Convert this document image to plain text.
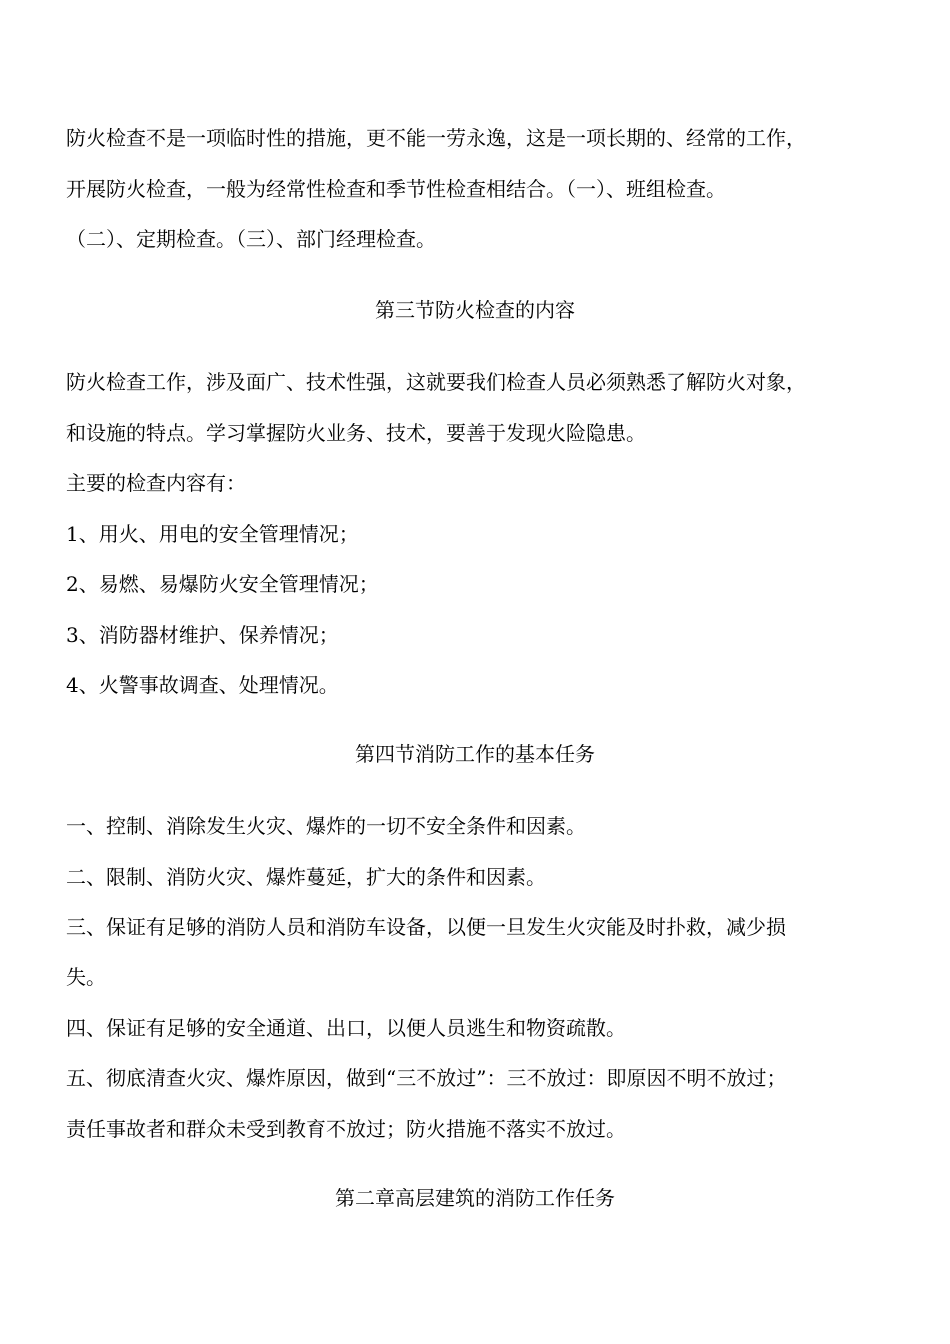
防火检查不是一项临时性的措施，更不能一劳永逸，这是一项长期的、经常的工作，
开展防火检查，一般为经常性检查和季节性检查相结合。（一）、班组检查。
（二）、定期检查。（三）、部门经理检查。
第三节防火检查的内容
防火检查工作，涉及面广、技术性强，这就要我们检查人员必须熟悉了解防火对象，
和设施的特点。学习掌握防火业务、技术，要善于发现火险隐患。
主要的检查内容有：
1、用火、用电的安全管理情况；
2、易燃、易爆防火安全管理情况；
3、消防器材维护、保养情况；
4、火警事故调查、处理情况。
第四节消防工作的基本任务
一、控制、消除发生火灾、爆炸的一切不安全条件和因素。
二、限制、消防火灾、爆炸蔓延，扩大的条件和因素。
三、保证有足够的消防人员和消防车设备，以便一旦发生火灾能及时扑救，减少损
失。
四、保证有足够的安全通道、出口，以便人员逃生和物资疏散。
五、彻底清查火灾、爆炸原因，做到“三不放过”：三不放过：即原因不明不放过；
责任事故者和群众未受到教育不放过；防火措施不落实不放过。
第二章高层建筑的消防工作任务
